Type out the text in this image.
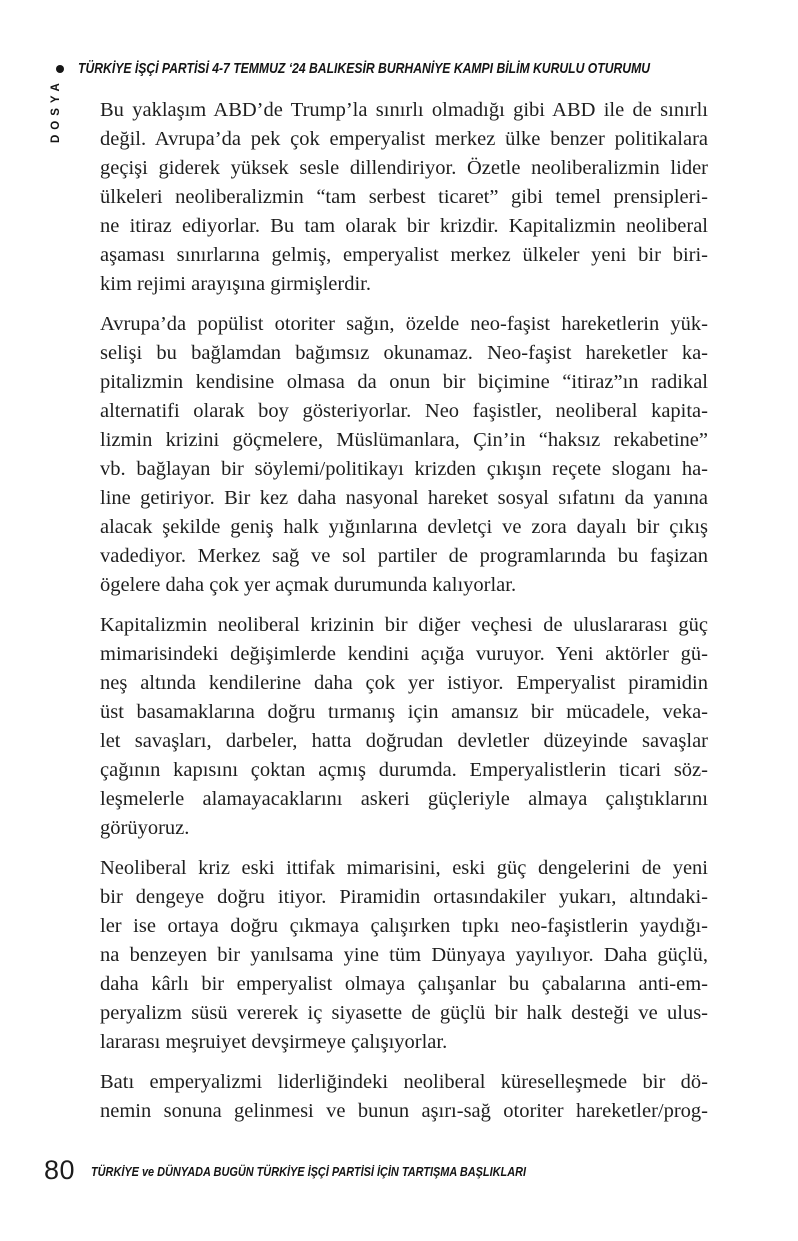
TÜRKİYE İŞÇİ PARTİSİ 4-7 TEMMUZ ‘24 BALIKESİR BURHANİYE KAMPI BİLİM KURULU OTURUMU
DOSYA Bu yaklaşım ABD’de Trump’la sınırlı olmadığı gibi ABD ile de sınırlı
değil. Avrupa’da pek çok emperyalist merkez ülke benzer politikalara
geçişi giderek yüksek sesle dillendiriyor. Özetle neoliberalizmin lider
ülkeleri neoliberalizmin “tam serbest ticaret” gibi temel prensipleri-
ne itiraz ediyorlar. Bu tam olarak bir krizdir. Kapitalizmin neoliberal
aşaması sınırlarına gelmiş, emperyalist merkez ülkeler yeni bir biri-
kim rejimi arayışına girmişlerdir.
Avrupa’da popülist otoriter sağın, özelde neo-faşist hareketlerin yük-
selişi bu bağlamdan bağımsız okunamaz. Neo-faşist hareketler ka-
pitalizmin kendisine olmasa da onun bir biçimine “itiraz”ın radikal
alternatifi olarak boy gösteriyorlar. Neo faşistler, neoliberal kapita-
lizmin krizini göçmelere, Müslümanlara, Çin’in “haksız rekabetine”
vb. bağlayan bir söylemi/politikayı krizden çıkışın reçete sloganı ha-
line getiriyor. Bir kez daha nasyonal hareket sosyal sıfatını da yanına
alacak şekilde geniş halk yığınlarına devletçi ve zora dayalı bir çıkış
vadediyor. Merkez sağ ve sol partiler de programlarında bu faşizan
ögelere daha çok yer açmak durumunda kalıyorlar.
Kapitalizmin neoliberal krizinin bir diğer veçhesi de uluslararası güç
mimarisindeki değişimlerde kendini açığa vuruyor. Yeni aktörler gü-
neş altında kendilerine daha çok yer istiyor. Emperyalist piramidin
üst basamaklarına doğru tırmanış için amansız bir mücadele, veka-
let savaşları, darbeler, hatta doğrudan devletler düzeyinde savaşlar
çağının kapısını çoktan açmış durumda. Emperyalistlerin ticari söz-
leşmelerle alamayacaklarını askeri güçleriyle almaya çalıştıklarını
görüyoruz.
Neoliberal kriz eski ittifak mimarisini, eski güç dengelerini de yeni
bir dengeye doğru itiyor. Piramidin ortasındakiler yukarı, altındaki-
ler ise ortaya doğru çıkmaya çalışırken tıpkı neo-faşistlerin yaydığı-
na benzeyen bir yanılsama yine tüm Dünyaya yayılıyor. Daha güçlü,
daha kârlı bir emperyalist olmaya çalışanlar bu çabalarına anti-em-
peryalizm süsü vererek iç siyasette de güçlü bir halk desteği ve ulus-
lararası meşruiyet devşirmeye çalışıyorlar.
Batı emperyalizmi liderliğindeki neoliberal küreselleşmede bir dö-
nemin sonuna gelinmesi ve bunun aşırı-sağ otoriter hareketler/prog-
80 TÜRKİYE ve DÜNYADA BUGÜN TÜRKİYE İŞÇİ PARTİSİ İÇİN TARTIŞMA BAŞLIKLARI
